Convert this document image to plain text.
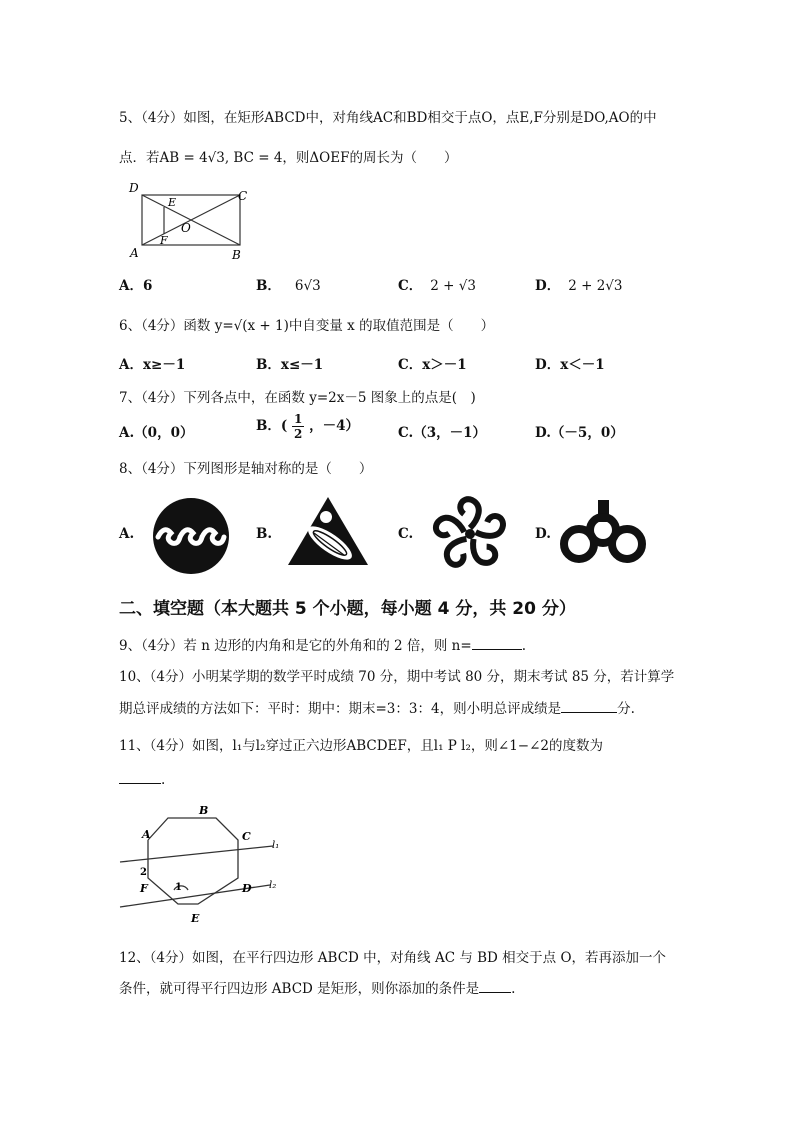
5、（4分）如图，在矩形ABCD中，对角线AC和BD相交于点O，点E,F分别是DO,AO的中
点．若AB = 4√3, BC = 4，则ΔOEF的周长为（　　）
D
C
A	B
E
O
F
A．6	B． 6√3	C． 2 + √3	D． 2 + 2√3
6、（4分）函数 y=√(x + 1)中自变量 x 的取值范围是（　　）
A．x≥－1	B．x≤－1	C．x＞－1	D．x＜－1
7、（4分）下列各点中，在函数 y=2x－5 图象上的点是(　)
A.（0，0）	B．( $\frac{1}{2}$ ，－4）	C.（3，－1）	D.（－5，0）
8、（4分）下列图形是轴对称的是（　　）
A.	B.	C.	D.
二、填空题（本大题共 5 个小题，每小题 4 分，共 20 分）
9、（4分）若 n 边形的内角和是它的外角和的 2 倍，则 n=	.
10、（4分）小明某学期的数学平时成绩 70 分，期中考试 80 分，期末考试 85 分，若计算学
期总评成绩的方法如下：平时：期中：期末=3：3：4，则小明总评成绩是	分.
11、（4分）如图，l₁与l₂穿过正六边形ABCDEF，且l₁ P l₂，则∠1−∠2的度数为
.
A
B
C
D
E
F	1
2
l₁
l₂
12、（4分）如图，在平行四边形 ABCD 中，对角线 AC 与 BD 相交于点 O，若再添加一个
条件，就可得平行四边形 ABCD 是矩形，则你添加的条件是 .
